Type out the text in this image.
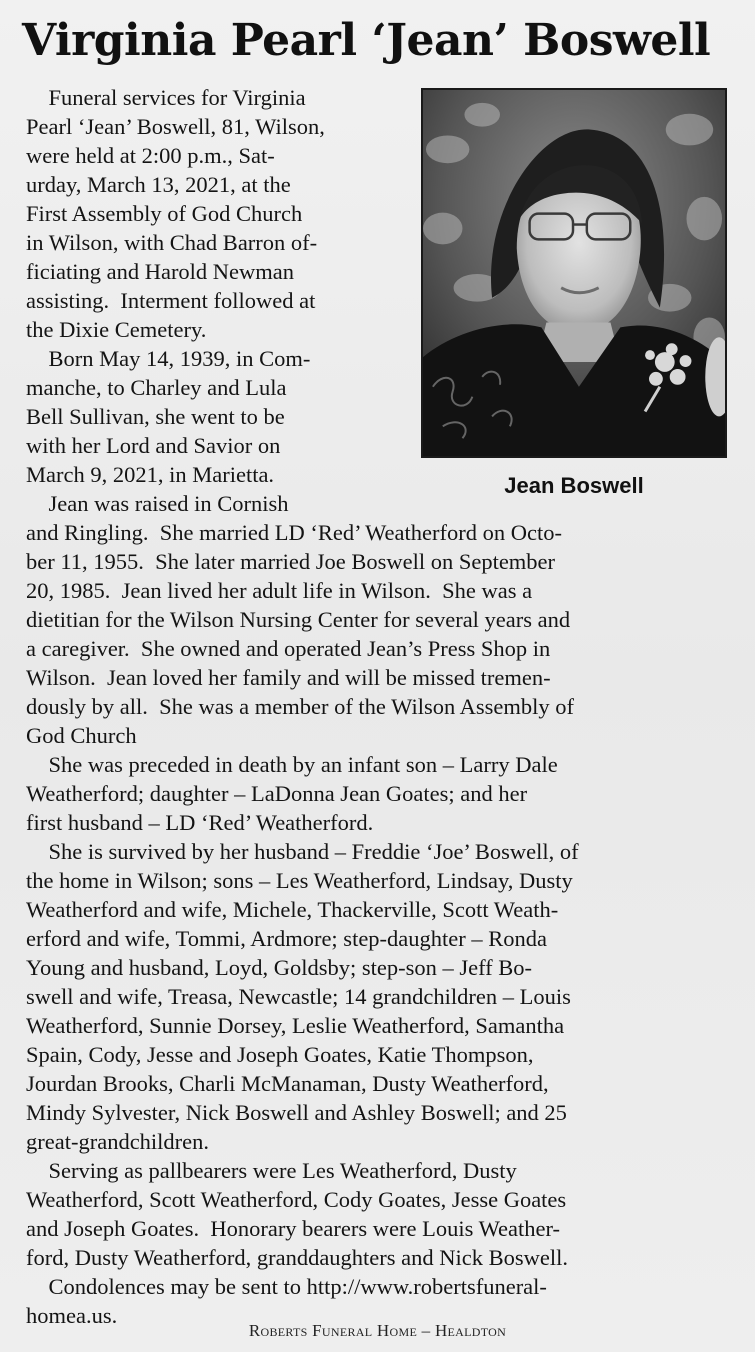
Virginia Pearl ‘Jean’ Boswell
Jean Boswell
Funeral services for Virginia
Pearl ‘Jean’ Boswell, 81, Wilson,
were held at 2:00 p.m., Sat-
urday, March 13, 2021, at the
First Assembly of God Church
in Wilson, with Chad Barron of-
ficiating and Harold Newman
assisting.  Interment followed at
the Dixie Cemetery.
Born May 14, 1939, in Com-
manche, to Charley and Lula
Bell Sullivan, she went to be
with her Lord and Savior on
March 9, 2021, in Marietta.
Jean was raised in Cornish
and Ringling.  She married LD ‘Red’ Weatherford on Octo-
ber 11, 1955.  She later married Joe Boswell on September
20, 1985.  Jean lived her adult life in Wilson.  She was a
dietitian for the Wilson Nursing Center for several years and
a caregiver.  She owned and operated Jean’s Press Shop in
Wilson.  Jean loved her family and will be missed tremen-
dously by all.  She was a member of the Wilson Assembly of
God Church
She was preceded in death by an infant son – Larry Dale
Weatherford; daughter – LaDonna Jean Goates; and her
first husband – LD ‘Red’ Weatherford.
She is survived by her husband – Freddie ‘Joe’ Boswell, of
the home in Wilson; sons – Les Weatherford, Lindsay, Dusty
Weatherford and wife, Michele, Thackerville, Scott Weath-
erford and wife, Tommi, Ardmore; step-daughter – Ronda
Young and husband, Loyd, Goldsby; step-son – Jeff Bo-
swell and wife, Treasa, Newcastle; 14 grandchildren – Louis
Weatherford, Sunnie Dorsey, Leslie Weatherford, Samantha
Spain, Cody, Jesse and Joseph Goates, Katie Thompson,
Jourdan Brooks, Charli McManaman, Dusty Weatherford,
Mindy Sylvester, Nick Boswell and Ashley Boswell; and 25
great-grandchildren.
Serving as pallbearers were Les Weatherford, Dusty
Weatherford, Scott Weatherford, Cody Goates, Jesse Goates
and Joseph Goates.  Honorary bearers were Louis Weather-
ford, Dusty Weatherford, granddaughters and Nick Boswell.
Condolences may be sent to http://www.robertsfuneral-
homea.us.
Roberts Funeral Home – Healdton
